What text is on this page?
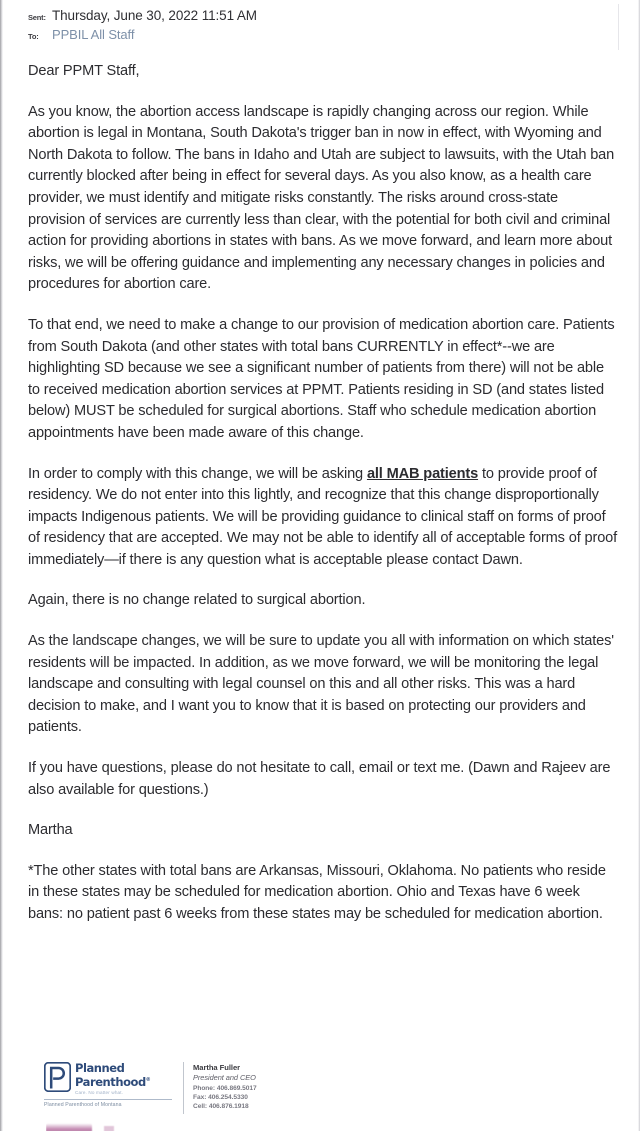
Sent: Thursday, June 30, 2022 11:51 AM
To:	PPBIL All Staff

Dear PPMT Staff,

As you know, the abortion access landscape is rapidly changing across our region. While abortion is legal in Montana, South Dakota's trigger ban in now in effect, with Wyoming and North Dakota to follow. The bans in Idaho and Utah are subject to lawsuits, with the Utah ban currently blocked after being in effect for several days. As you also know, as a health care provider, we must identify and mitigate risks constantly. The risks around cross-state provision of services are currently less than clear, with the potential for both civil and criminal action for providing abortions in states with bans. As we move forward, and learn more about risks, we will be offering guidance and implementing any necessary changes in policies and procedures for abortion care.

To that end, we need to make a change to our provision of medication abortion care. Patients from South Dakota (and other states with total bans CURRENTLY in effect*--we are highlighting SD because we see a significant number of patients from there) will not be able to received medication abortion services at PPMT. Patients residing in SD (and states listed below) MUST be scheduled for surgical abortions. Staff who schedule medication abortion appointments have been made aware of this change.

In order to comply with this change, we will be asking all MAB patients to provide proof of residency. We do not enter into this lightly, and recognize that this change disproportionally impacts Indigenous patients. We will be providing guidance to clinical staff on forms of proof of residency that are accepted. We may not be able to identify all of acceptable forms of proof immediately—if there is any question what is acceptable please contact Dawn.

Again, there is no change related to surgical abortion.

As the landscape changes, we will be sure to update you all with information on which states' residents will be impacted. In addition, as we move forward, we will be monitoring the legal landscape and consulting with legal counsel on this and all other risks. This was a hard decision to make, and I want you to know that it is based on protecting our providers and patients.

If you have questions, please do not hesitate to call, email or text me. (Dawn and Rajeev are also available for questions.)

Martha

*The other states with total bans are Arkansas, Missouri, Oklahoma. No patients who reside in these states may be scheduled for medication abortion. Ohio and Texas have 6 week bans: no patient past 6 weeks from these states may be scheduled for medication abortion.

Planned
Parenthood®
Care. No matter what.
Planned Parenthood of Montana
Martha Fuller
President and CEO
Phone: 406.869.5017
Fax: 406.254.5330
Cell: 406.876.1918
